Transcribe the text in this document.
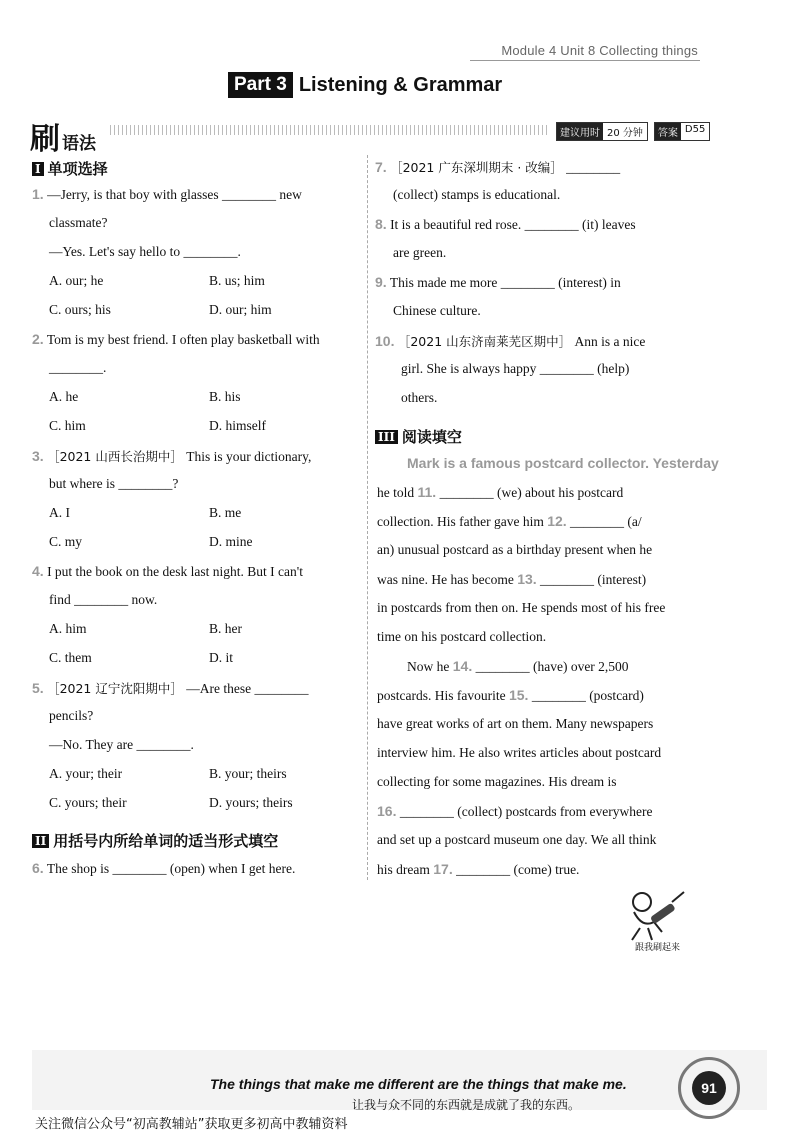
Module 4 Unit 8 Collecting things
Part 3 Listening & Grammar
刷 语法
建议用时 20 分钟	答案 D55
I 单项选择
1. —Jerry, is that boy with glasses ________ new
classmate?
—Yes. Let's say hello to ________.
A. our; he	B. us; him
C. ours; his	D. our; him
2. Tom is my best friend. I often play basketball with
________.
A. he	B. his
C. him	D. himself
3. ［2021 山西长治期中］ This is your dictionary,
but where is ________?
A. I	B. me
C. my	D. mine
4. I put the book on the desk last night. But I can't
find ________ now.
A. him	B. her
C. them	D. it
5. ［2021 辽宁沈阳期中］ —Are these ________
pencils?
—No. They are ________.
A. your; their	B. your; theirs
C. yours; their	D. yours; theirs
II 用括号内所给单词的适当形式填空
6. The shop is ________ (open) when I get here.
7. ［2021 广东深圳期末 · 改编］ ________
(collect) stamps is educational.
8. It is a beautiful red rose. ________ (it) leaves
are green.
9. This made me more ________ (interest) in
Chinese culture.
10. ［2021 山东济南莱芜区期中］ Ann is a nice
girl. She is always happy ________ (help)
others.
III 阅读填空
Mark is a famous postcard collector. Yesterday
he told 11. ________ (we) about his postcard
collection. His father gave him 12. ________ (a/
an) unusual postcard as a birthday present when he
was nine. He has become 13. ________ (interest)
in postcards from then on. He spends most of his free
time on his postcard collection.
Now he 14. ________ (have) over 2,500
postcards. His favourite 15. ________ (postcard)
have great works of art on them. Many newspapers
interview him. He also writes articles about postcard
collecting for some magazines. His dream is
16. ________ (collect) postcards from everywhere
and set up a postcard museum one day. We all think
his dream 17. ________ (come) true.
跟我刷起来
The things that make me different are the things that make me.
让我与众不同的东西就是成就了我的东西。
91
关注微信公众号“初高教辅站”获取更多初高中教辅资料
